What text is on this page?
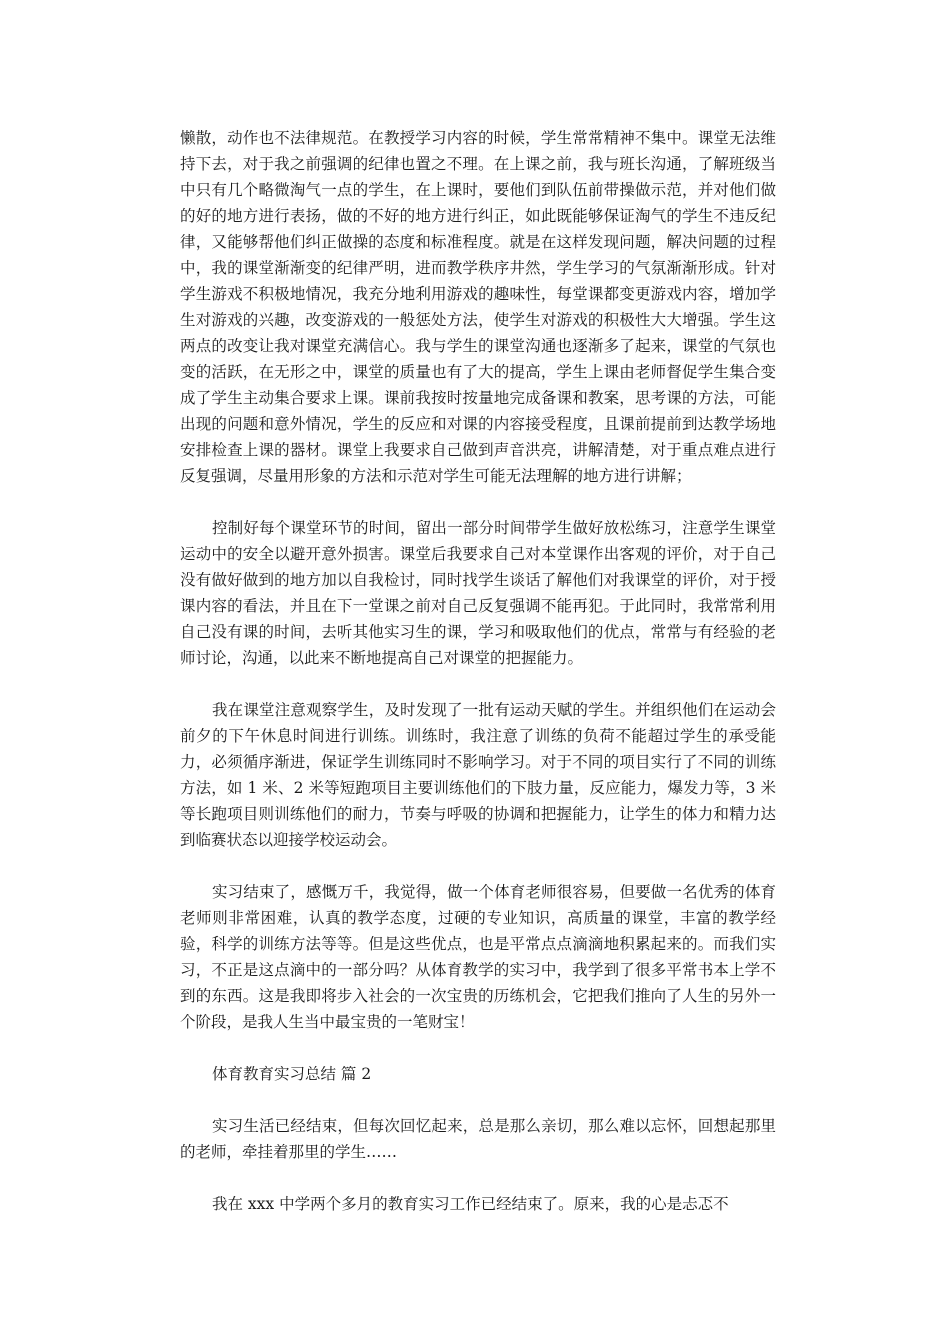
懒散，动作也不法律规范。在教授学习内容的时候，学生常常精神不集中。课堂无法维持下去，对于我之前强调的纪律也置之不理。在上课之前，我与班长沟通，了解班级当中只有几个略微淘气一点的学生，在上课时，要他们到队伍前带操做示范，并对他们做的好的地方进行表扬，做的不好的地方进行纠正，如此既能够保证淘气的学生不违反纪律，又能够帮他们纠正做操的态度和标准程度。就是在这样发现问题，解决问题的过程中，我的课堂渐渐变的纪律严明，进而教学秩序井然，学生学习的气氛渐渐形成。针对学生游戏不积极地情况，我充分地利用游戏的趣味性，每堂课都变更游戏内容，增加学生对游戏的兴趣，改变游戏的一般惩处方法，使学生对游戏的积极性大大增强。学生这两点的改变让我对课堂充满信心。我与学生的课堂沟通也逐渐多了起来，课堂的气氛也变的活跃，在无形之中，课堂的质量也有了大的提高，学生上课由老师督促学生集合变成了学生主动集合要求上课。课前我按时按量地完成备课和教案，思考课的方法，可能出现的问题和意外情况，学生的反应和对课的内容接受程度，且课前提前到达教学场地安排检查上课的器材。课堂上我要求自己做到声音洪亮，讲解清楚，对于重点难点进行反复强调，尽量用形象的方法和示范对学生可能无法理解的地方进行讲解；

控制好每个课堂环节的时间，留出一部分时间带学生做好放松练习，注意学生课堂运动中的安全以避开意外损害。课堂后我要求自己对本堂课作出客观的评价，对于自己没有做好做到的地方加以自我检讨，同时找学生谈话了解他们对我课堂的评价，对于授课内容的看法，并且在下一堂课之前对自己反复强调不能再犯。于此同时，我常常利用自己没有课的时间，去听其他实习生的课，学习和吸取他们的优点，常常与有经验的老师讨论，沟通，以此来不断地提高自己对课堂的把握能力。

我在课堂注意观察学生，及时发现了一批有运动天赋的学生。并组织他们在运动会前夕的下午休息时间进行训练。训练时，我注意了训练的负荷不能超过学生的承受能力，必须循序渐进，保证学生训练同时不影响学习。对于不同的项目实行了不同的训练方法，如 1 米、2 米等短跑项目主要训练他们的下肢力量，反应能力，爆发力等，3 米等长跑项目则训练他们的耐力，节奏与呼吸的协调和把握能力，让学生的体力和精力达到临赛状态以迎接学校运动会。

实习结束了，感慨万千，我觉得，做一个体育老师很容易，但要做一名优秀的体育老师则非常困难，认真的教学态度，过硬的专业知识，高质量的课堂，丰富的教学经验，科学的训练方法等等。但是这些优点，也是平常点点滴滴地积累起来的。而我们实习，不正是这点滴中的一部分吗？从体育教学的实习中，我学到了很多平常书本上学不到的东西。这是我即将步入社会的一次宝贵的历练机会，它把我们推向了人生的另外一个阶段，是我人生当中最宝贵的一笔财宝！

体育教育实习总结 篇 2

实习生活已经结束，但每次回忆起来，总是那么亲切，那么难以忘怀，回想起那里的老师，牵挂着那里的学生……

我在 xxx 中学两个多月的教育实习工作已经结束了。原来，我的心是忐忑不
